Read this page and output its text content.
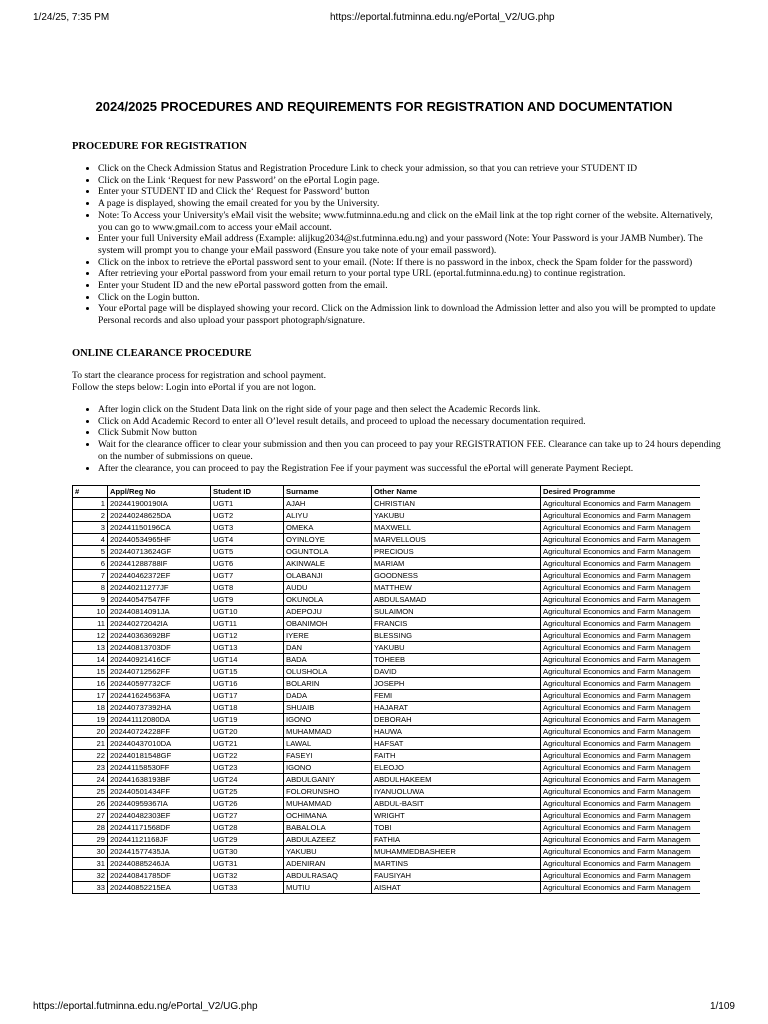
1/24/25, 7:35 PM	https://eportal.futminna.edu.ng/ePortal_V2/UG.php
2024/2025 PROCEDURES AND REQUIREMENTS FOR REGISTRATION AND DOCUMENTATION
PROCEDURE FOR REGISTRATION
• Click on the Check Admission Status and Registration Procedure Link to check your admission, so that you can retrieve your STUDENT ID
• Click on the Link ‘Request for new Password’ on the ePortal Login page.
• Enter your STUDENT ID and Click the‘ Request for Password’ button
• A page is displayed, showing the email created for you by the University.
• Note: To Access your University's eMail visit the website; www.futminna.edu.ng and click on the eMail link at the top right corner of the website. Alternatively, you can go to www.gmail.com to access your eMail account.
• Enter your full University eMail address (Example: alijkug2034@st.futminna.edu.ng) and your password (Note: Your Password is your JAMB Number). The system will prompt you to change your eMail password (Ensure you take note of your email password).
• Click on the inbox to retrieve the ePortal password sent to your email. (Note: If there is no password in the inbox, check the Spam folder for the password)
• After retrieving your ePortal password from your email return to your portal type URL (eportal.futminna.edu.ng) to continue registration.
• Enter your Student ID and the new ePortal password gotten from the email.
• Click on the Login button.
• Your ePortal page will be displayed showing your record. Click on the Admission link to download the Admission letter and also you will be prompted to update Personal records and also upload your passport photograph/signature.
ONLINE CLEARANCE PROCEDURE
To start the clearance process for registration and school payment.
Follow the steps below: Login into ePortal if you are not logon.
• After login click on the Student Data link on the right side of your page and then select the Academic Records link.
• Click on Add Academic Record to enter all O’level result details, and proceed to upload the necessary documentation required.
• Click Submit Now button
• Wait for the clearance officer to clear your submission and then you can proceed to pay your REGISTRATION FEE. Clearance can take up to 24 hours depending on the number of submissions on queue.
• After the clearance, you can proceed to pay the Registration Fee if your payment was successful the ePortal will generate Payment Reciept.
#	Appl/Reg No	Student ID	Surname	Other Name	Desired Programme
1	202441900190IA	UGT1	AJAH	CHRISTIAN	Agricultural Economics and Farm Managem
2	202440248625DA	UGT2	ALIYU	YAKUBU	Agricultural Economics and Farm Managem
3	202441150196CA	UGT3	OMEKA	MAXWELL	Agricultural Economics and Farm Managem
4	202440534965HF	UGT4	OYINLOYE	MARVELLOUS	Agricultural Economics and Farm Managem
5	202440713624GF	UGT5	OGUNTOLA	PRECIOUS	Agricultural Economics and Farm Managem
6	202441288788IF	UGT6	AKINWALE	MARIAM	Agricultural Economics and Farm Managem
7	202440462372EF	UGT7	OLABANJI	GOODNESS	Agricultural Economics and Farm Managem
8	202440211277JF	UGT8	AUDU	MATTHEW	Agricultural Economics and Farm Managem
9	202440547547FF	UGT9	OKUNOLA	ABDULSAMAD	Agricultural Economics and Farm Managem
10	202440814091JA	UGT10	ADEPOJU	SULAIMON	Agricultural Economics and Farm Managem
11	202440272042IA	UGT11	OBANIMOH	FRANCIS	Agricultural Economics and Farm Managem
12	202440363692BF	UGT12	IYERE	BLESSING	Agricultural Economics and Farm Managem
13	202440813703DF	UGT13	DAN	YAKUBU	Agricultural Economics and Farm Managem
14	202440921416CF	UGT14	BADA	TOHEEB	Agricultural Economics and Farm Managem
15	202440712562FF	UGT15	OLUSHOLA	DAVID	Agricultural Economics and Farm Managem
16	202440597732CF	UGT16	BOLARIN	JOSEPH	Agricultural Economics and Farm Managem
17	202441624563FA	UGT17	DADA	FEMI	Agricultural Economics and Farm Managem
18	202440737392HA	UGT18	SHUAIB	HAJARAT	Agricultural Economics and Farm Managem
19	202441112080DA	UGT19	IGONO	DEBORAH	Agricultural Economics and Farm Managem
20	202440724228FF	UGT20	MUHAMMAD	HAUWA	Agricultural Economics and Farm Managem
21	202440437010DA	UGT21	LAWAL	HAFSAT	Agricultural Economics and Farm Managem
22	202440181548GF	UGT22	FASEYI	FAITH	Agricultural Economics and Farm Managem
23	202441158530FF	UGT23	IGONO	ELEOJO	Agricultural Economics and Farm Managem
24	202441638193BF	UGT24	ABDULGANIY	ABDULHAKEEM	Agricultural Economics and Farm Managem
25	202440501434FF	UGT25	FOLORUNSHO	IYANUOLUWA	Agricultural Economics and Farm Managem
26	202440959367IA	UGT26	MUHAMMAD	ABDUL-BASIT	Agricultural Economics and Farm Managem
27	202440482303EF	UGT27	OCHIMANA	WRIGHT	Agricultural Economics and Farm Managem
28	202441171568DF	UGT28	BABALOLA	TOBI	Agricultural Economics and Farm Managem
29	202441121168JF	UGT29	ABDULAZEEZ	FATHIA	Agricultural Economics and Farm Managem
30	202441577435JA	UGT30	YAKUBU	MUHAMMEDBASHEER	Agricultural Economics and Farm Managem
31	202440885246JA	UGT31	ADENIRAN	MARTINS	Agricultural Economics and Farm Managem
32	202440841785DF	UGT32	ABDULRASAQ	FAUSIYAH	Agricultural Economics and Farm Managem
33	202440852215EA	UGT33	MUTIU	AISHAT	Agricultural Economics and Farm Managem
https://eportal.futminna.edu.ng/ePortal_V2/UG.php	1/109
